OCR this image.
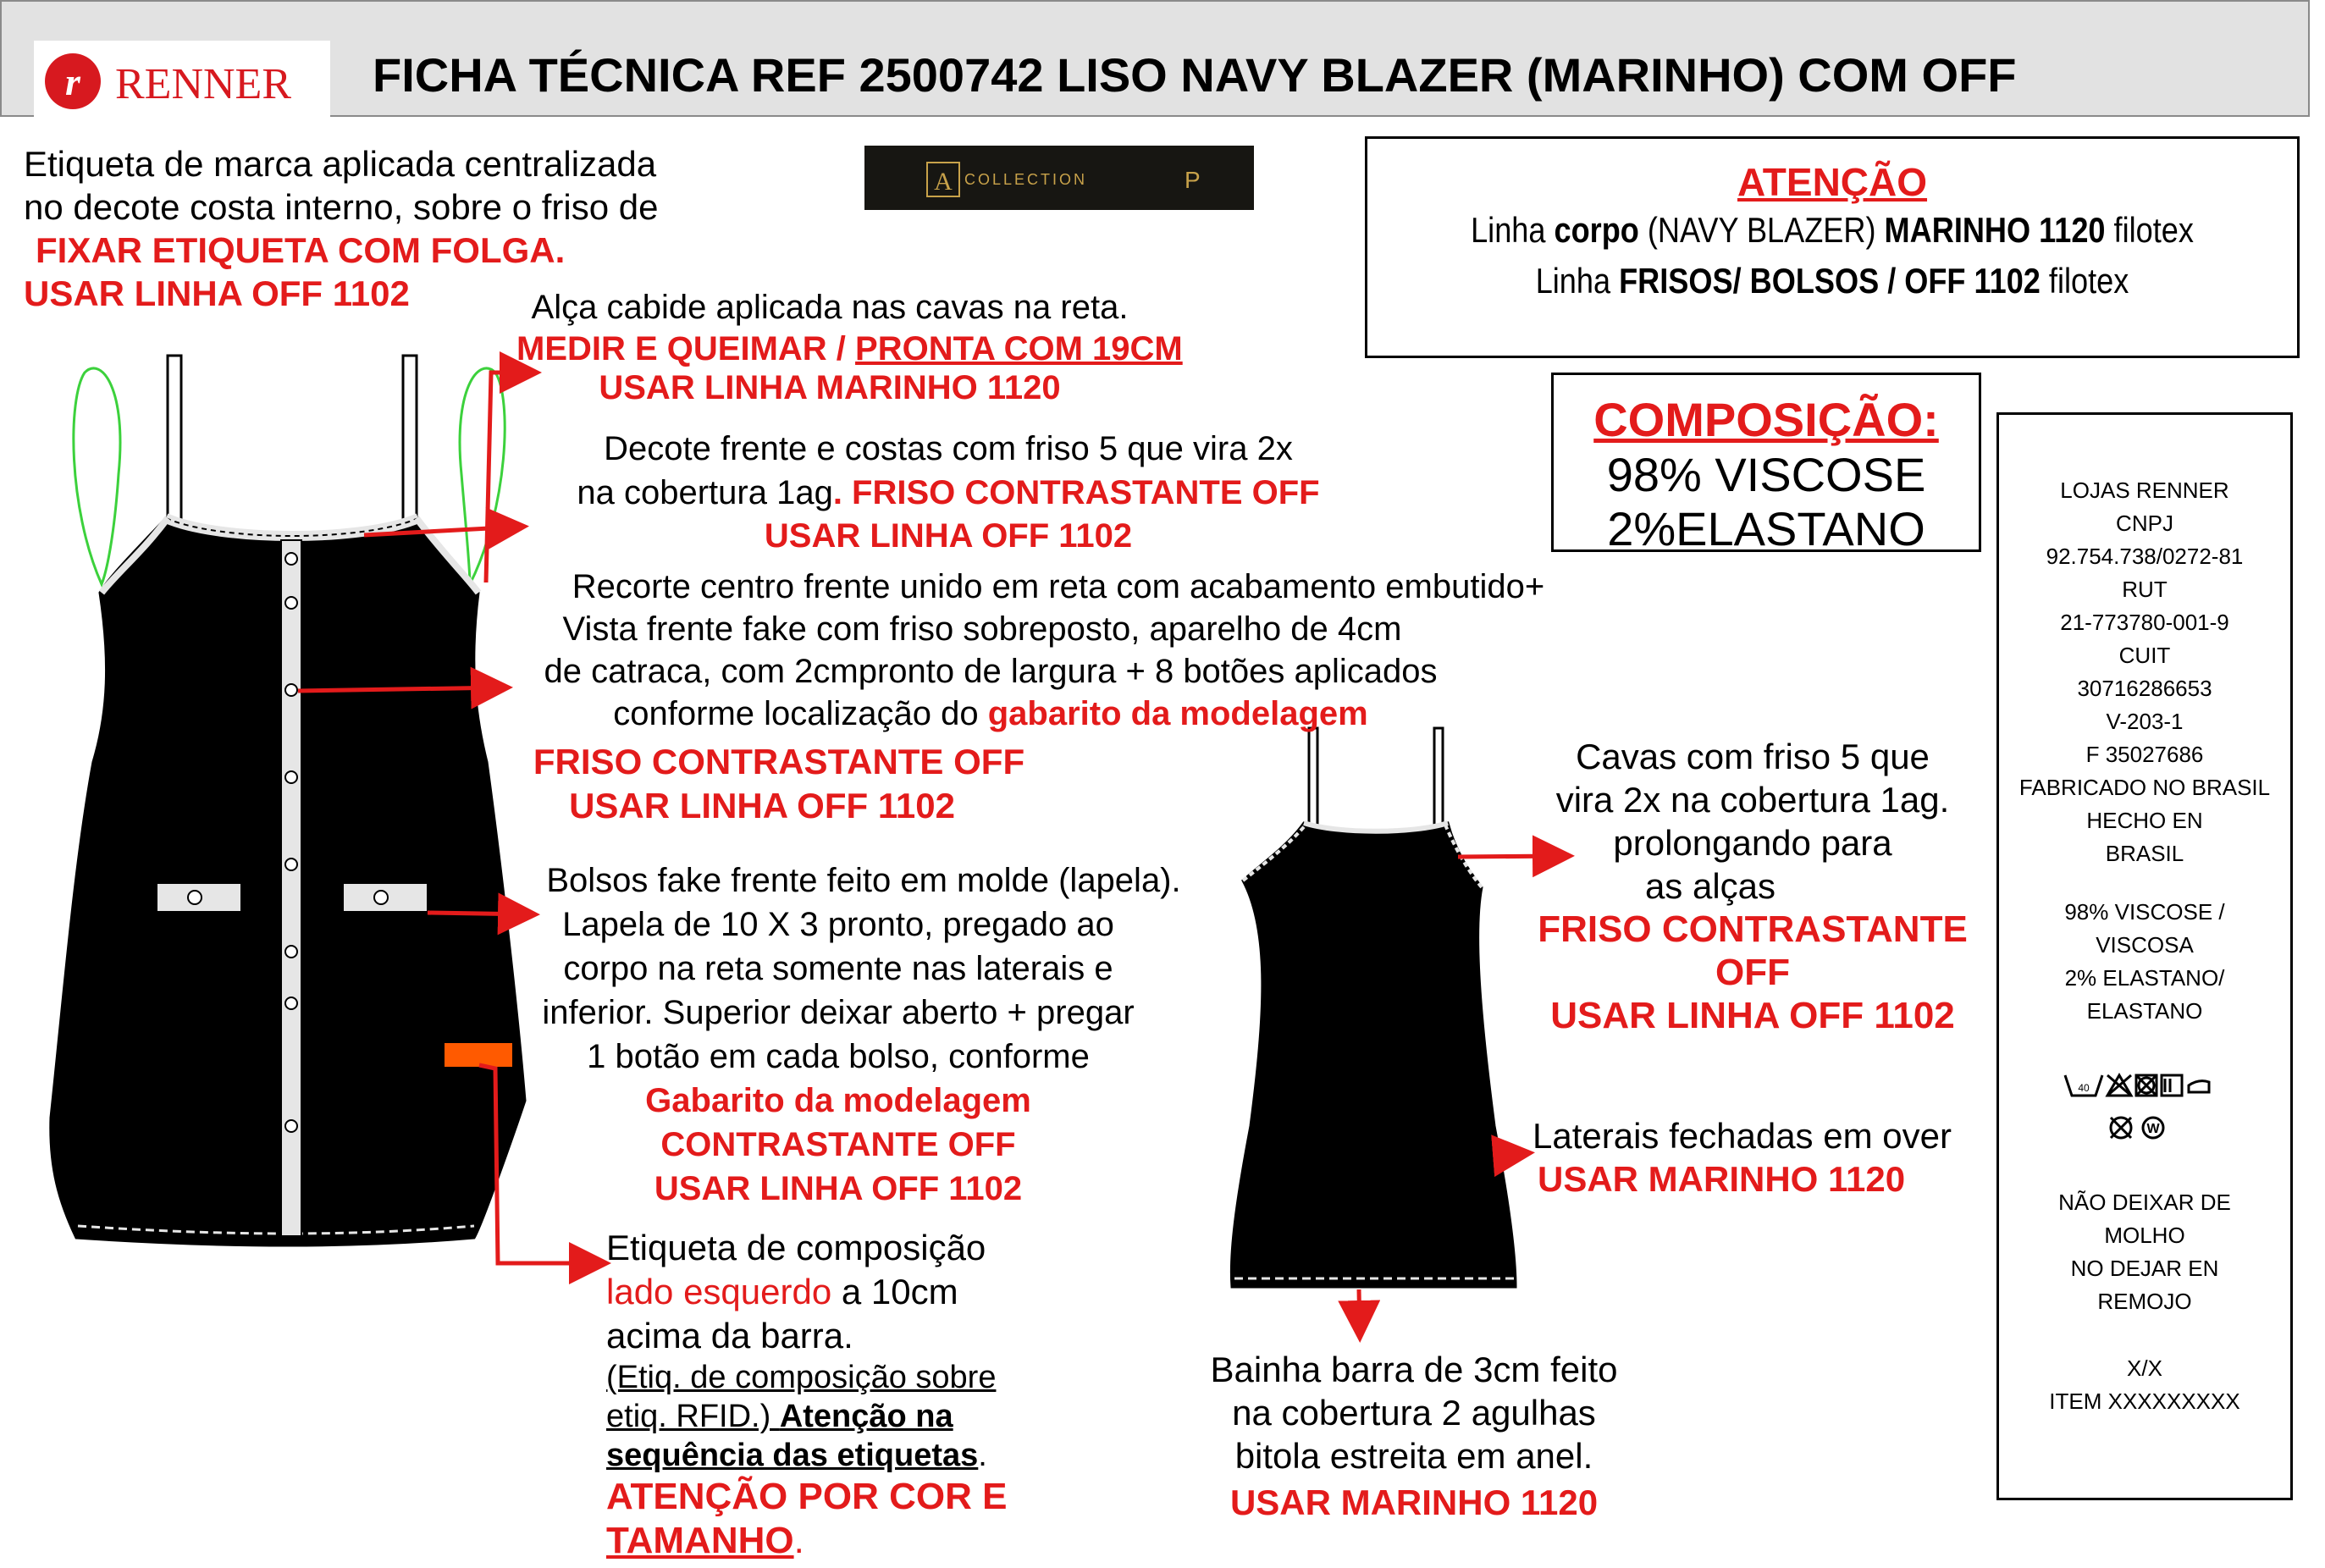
r RENNER FICHA TÉCNICA REF 2500742 LISO NAVY BLAZER (MARINHO) COM OFF
A COLLECTION	P
Etiqueta de marca aplicada centralizada
no decote costa interno, sobre o friso de
FIXAR ETIQUETA COM FOLGA.
USAR LINHA OFF 1102	Alça cabide aplicada nas cavas na reta.
MEDIR E QUEIMAR / PRONTA COM 19CM
USAR LINHA MARINHO 1120
Decote frente e costas com friso 5 que vira 2x
na cobertura 1ag. FRISO CONTRASTANTE OFF
USAR LINHA OFF 1102
Recorte centro frente unido em reta com acabamento embutido+
Vista frente fake com friso sobreposto, aparelho de 4cm
de catraca, com 2cmpronto de largura + 8 botões aplicados
conforme localização do gabarito da modelagem
FRISO CONTRASTANTE OFF
USAR LINHA OFF 1102
Bolsos fake frente feito em molde (lapela).
Lapela de 10 X 3 pronto, pregado ao
corpo na reta somente nas laterais e
inferior. Superior deixar aberto + pregar
1 botão em cada bolso, conforme
Gabarito da modelagem
CONTRASTANTE OFF
USAR LINHA OFF 1102
Etiqueta de composição
lado esquerdo a 10cm
acima da barra.
(Etiq. de composição sobre
etiq. RFID.) Atenção na
sequência das etiquetas.
ATENÇÃO POR COR E
TAMANHO.
ATENÇÃO
Linha corpo (NAVY BLAZER) MARINHO 1120 filotex
Linha FRISOS/ BOLSOS / OFF 1102 filotex
COMPOSIÇÃO:
98% VISCOSE
2%ELASTANO
LOJAS RENNER
CNPJ
92.754.738/0272-81
RUT
21-773780-001-9
CUIT
30716286653
V-203-1
F 35027686
FABRICADO NO BRASIL
HECHO EN
BRASIL
98% VISCOSE /
VISCOSA
2% ELASTANO/
ELASTANO
40
W
NÃO DEIXAR DE
MOLHO
NO DEJAR EN
REMOJO
X/X
ITEM XXXXXXXXX
Cavas com friso 5 que
vira 2x na cobertura 1ag.
prolongando para
as alças
FRISO CONTRASTANTE
OFF
USAR LINHA OFF 1102
Laterais fechadas em over
USAR MARINHO 1120
Bainha barra de 3cm feito
na cobertura 2 agulhas
bitola estreita em anel.
USAR MARINHO 1120
